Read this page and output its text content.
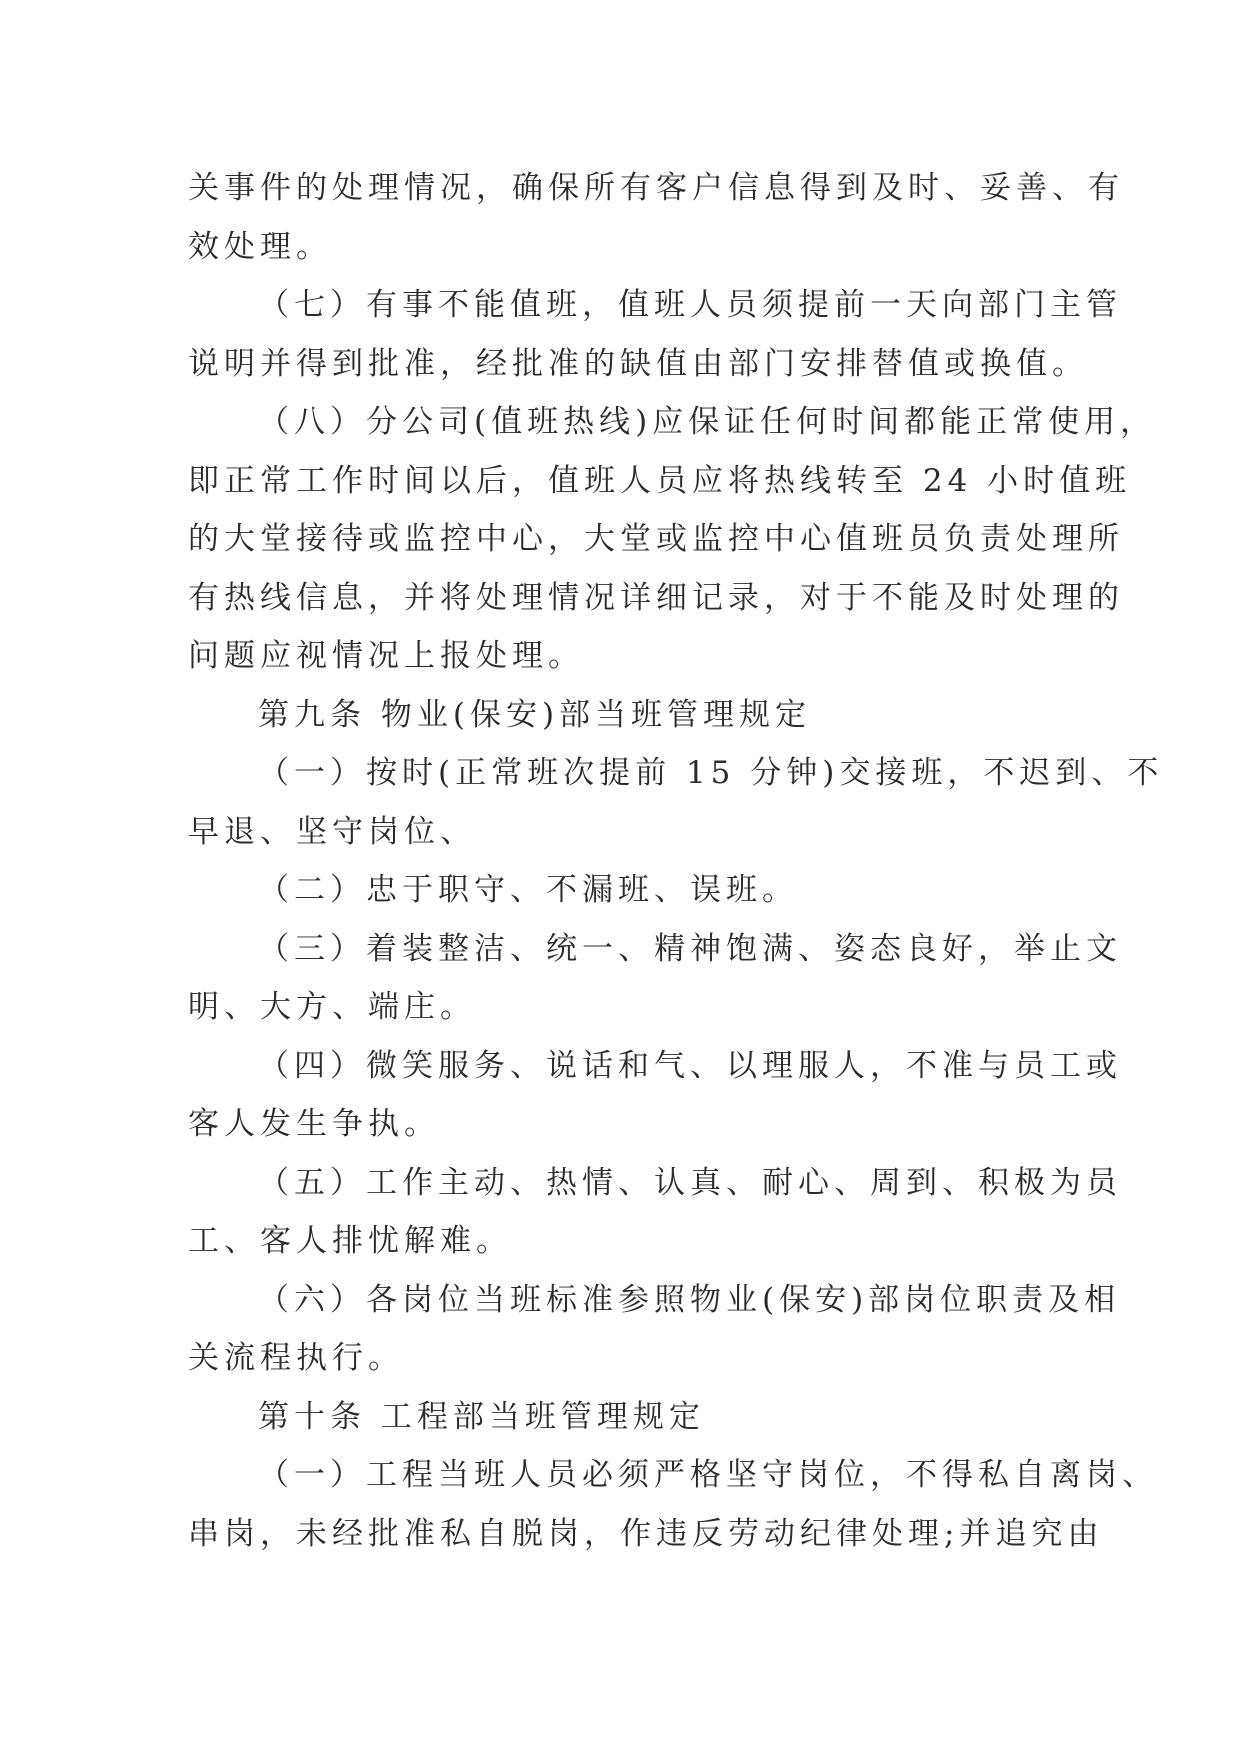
关事件的处理情况，确保所有客户信息得到及时、妥善、有
效处理。
（七）有事不能值班，值班人员须提前一天向部门主管
说明并得到批准，经批准的缺值由部门安排替值或换值。
（八）分公司(值班热线)应保证任何时间都能正常使用，
即正常工作时间以后，值班人员应将热线转至 24 小时值班
的大堂接待或监控中心，大堂或监控中心值班员负责处理所
有热线信息，并将处理情况详细记录，对于不能及时处理的
问题应视情况上报处理。
第九条 物业(保安)部当班管理规定
（一）按时(正常班次提前 15 分钟)交接班，不迟到、不
早退、坚守岗位、
（二）忠于职守、不漏班、误班。
（三）着装整洁、统一、精神饱满、姿态良好，举止文
明、大方、端庄。
（四）微笑服务、说话和气、以理服人，不准与员工或
客人发生争执。
（五）工作主动、热情、认真、耐心、周到、积极为员
工、客人排忧解难。
（六）各岗位当班标准参照物业(保安)部岗位职责及相
关流程执行。
第十条 工程部当班管理规定
（一）工程当班人员必须严格坚守岗位，不得私自离岗、
串岗，未经批准私自脱岗，作违反劳动纪律处理;并追究由
